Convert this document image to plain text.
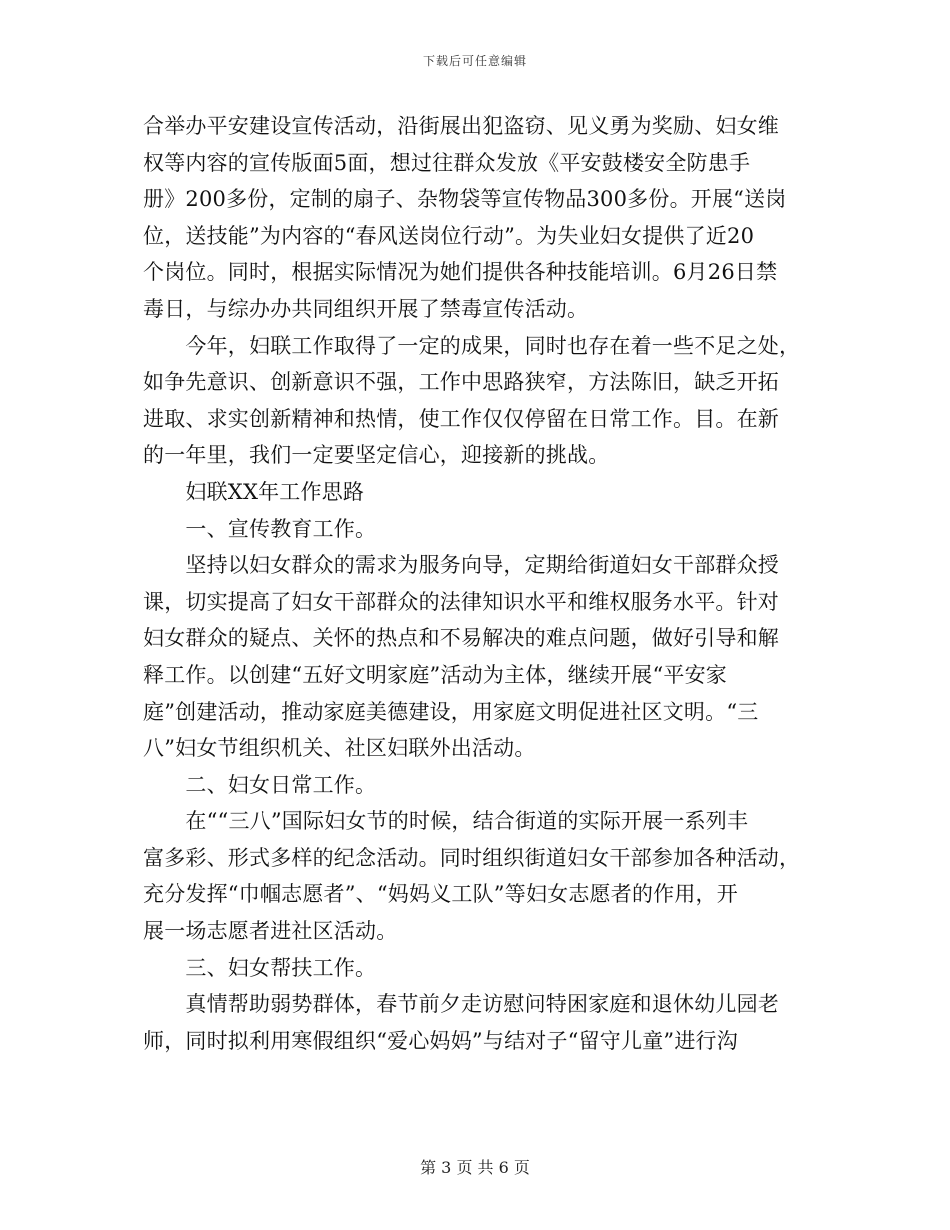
下载后可任意编辑
合举办平安建设宣传活动，沿街展出犯盗窃、见义勇为奖励、妇女维
权等内容的宣传版面5面，想过往群众发放《平安鼓楼安全防患手
册》200多份，定制的扇子、杂物袋等宣传物品300多份。开展“送岗
位，送技能”为内容的“春风送岗位行动”。为失业妇女提供了近20
个岗位。同时，根据实际情况为她们提供各种技能培训。6月26日禁
毒日，与综办办共同组织开展了禁毒宣传活动。
　　今年，妇联工作取得了一定的成果，同时也存在着一些不足之处，
如争先意识、创新意识不强，工作中思路狭窄，方法陈旧，缺乏开拓
进取、求实创新精神和热情，使工作仅仅停留在日常工作。目。在新
的一年里，我们一定要坚定信心，迎接新的挑战。
　　妇联XX年工作思路
　　一、宣传教育工作。
　　坚持以妇女群众的需求为服务向导，定期给街道妇女干部群众授
课，切实提高了妇女干部群众的法律知识水平和维权服务水平。针对
妇女群众的疑点、关怀的热点和不易解决的难点问题，做好引导和解
释工作。以创建“五好文明家庭”活动为主体，继续开展“平安家
庭”创建活动，推动家庭美德建设，用家庭文明促进社区文明。“三
八”妇女节组织机关、社区妇联外出活动。
　　二、妇女日常工作。
　　在““三八”国际妇女节的时候，结合街道的实际开展一系列丰
富多彩、形式多样的纪念活动。同时组织街道妇女干部参加各种活动，
充分发挥“巾帼志愿者”、“妈妈义工队”等妇女志愿者的作用，开
展一场志愿者进社区活动。
　　三、妇女帮扶工作。
　　真情帮助弱势群体，春节前夕走访慰问特困家庭和退休幼儿园老
师，同时拟利用寒假组织“爱心妈妈”与结对子“留守儿童”进行沟
第 3 页 共 6 页
